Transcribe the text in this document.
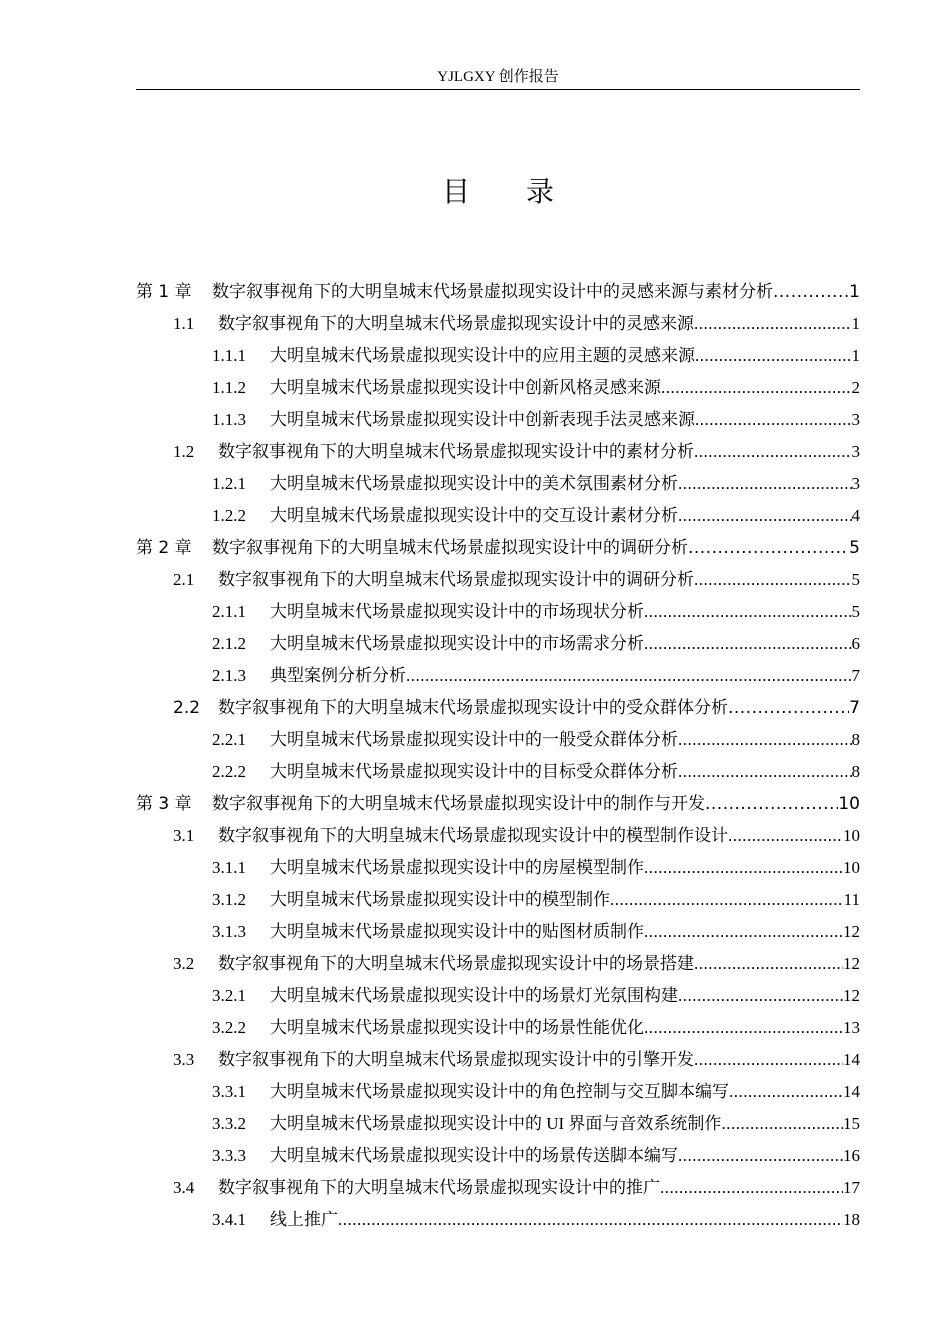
YJLGXY 创作报告
目录
第 1 章	数字叙事视角下的大明皇城末代场景虚拟现实设计中的灵感来源与素材分析 .....	1
1.1	数字叙事视角下的大明皇城末代场景虚拟现实设计中的灵感来源 .....	1
1.1.1	大明皇城末代场景虚拟现实设计中的应用主题的灵感来源 .....	1
1.1.2	大明皇城末代场景虚拟现实设计中创新风格灵感来源 .....	2
1.1.3	大明皇城末代场景虚拟现实设计中创新表现手法灵感来源 .....	3
1.2	数字叙事视角下的大明皇城末代场景虚拟现实设计中的素材分析 .....	3
1.2.1	大明皇城末代场景虚拟现实设计中的美术氛围素材分析 .....	3
1.2.2	大明皇城末代场景虚拟现实设计中的交互设计素材分析 .....	4
第 2 章	数字叙事视角下的大明皇城末代场景虚拟现实设计中的调研分析 .....	5
2.1	数字叙事视角下的大明皇城末代场景虚拟现实设计中的调研分析 .....	5
2.1.1	大明皇城末代场景虚拟现实设计中的市场现状分析 .....	5
2.1.2	大明皇城末代场景虚拟现实设计中的市场需求分析 .....	6
2.1.3	典型案例分析分析 .....	7
2.2	数字叙事视角下的大明皇城末代场景虚拟现实设计中的受众群体分析 .....	7
2.2.1	大明皇城末代场景虚拟现实设计中的一般受众群体分析 .....	8
2.2.2	大明皇城末代场景虚拟现实设计中的目标受众群体分析 .....	8
第 3 章	数字叙事视角下的大明皇城末代场景虚拟现实设计中的制作与开发 .....	10
3.1	数字叙事视角下的大明皇城末代场景虚拟现实设计中的模型制作设计 .....	10
3.1.1	大明皇城末代场景虚拟现实设计中的房屋模型制作 .....	10
3.1.2	大明皇城末代场景虚拟现实设计中的模型制作 .....	11
3.1.3	大明皇城末代场景虚拟现实设计中的贴图材质制作 .....	12
3.2	数字叙事视角下的大明皇城末代场景虚拟现实设计中的场景搭建 .....	12
3.2.1	大明皇城末代场景虚拟现实设计中的场景灯光氛围构建 .....	12
3.2.2	大明皇城末代场景虚拟现实设计中的场景性能优化 .....	13
3.3	数字叙事视角下的大明皇城末代场景虚拟现实设计中的引擎开发 .....	14
3.3.1	大明皇城末代场景虚拟现实设计中的角色控制与交互脚本编写 .....	14
3.3.2	大明皇城末代场景虚拟现实设计中的 UI 界面与音效系统制作 .....	15
3.3.3	大明皇城末代场景虚拟现实设计中的场景传送脚本编写 .....	16
3.4	数字叙事视角下的大明皇城末代场景虚拟现实设计中的推广 .....	17
3.4.1	线上推广 .....	18
